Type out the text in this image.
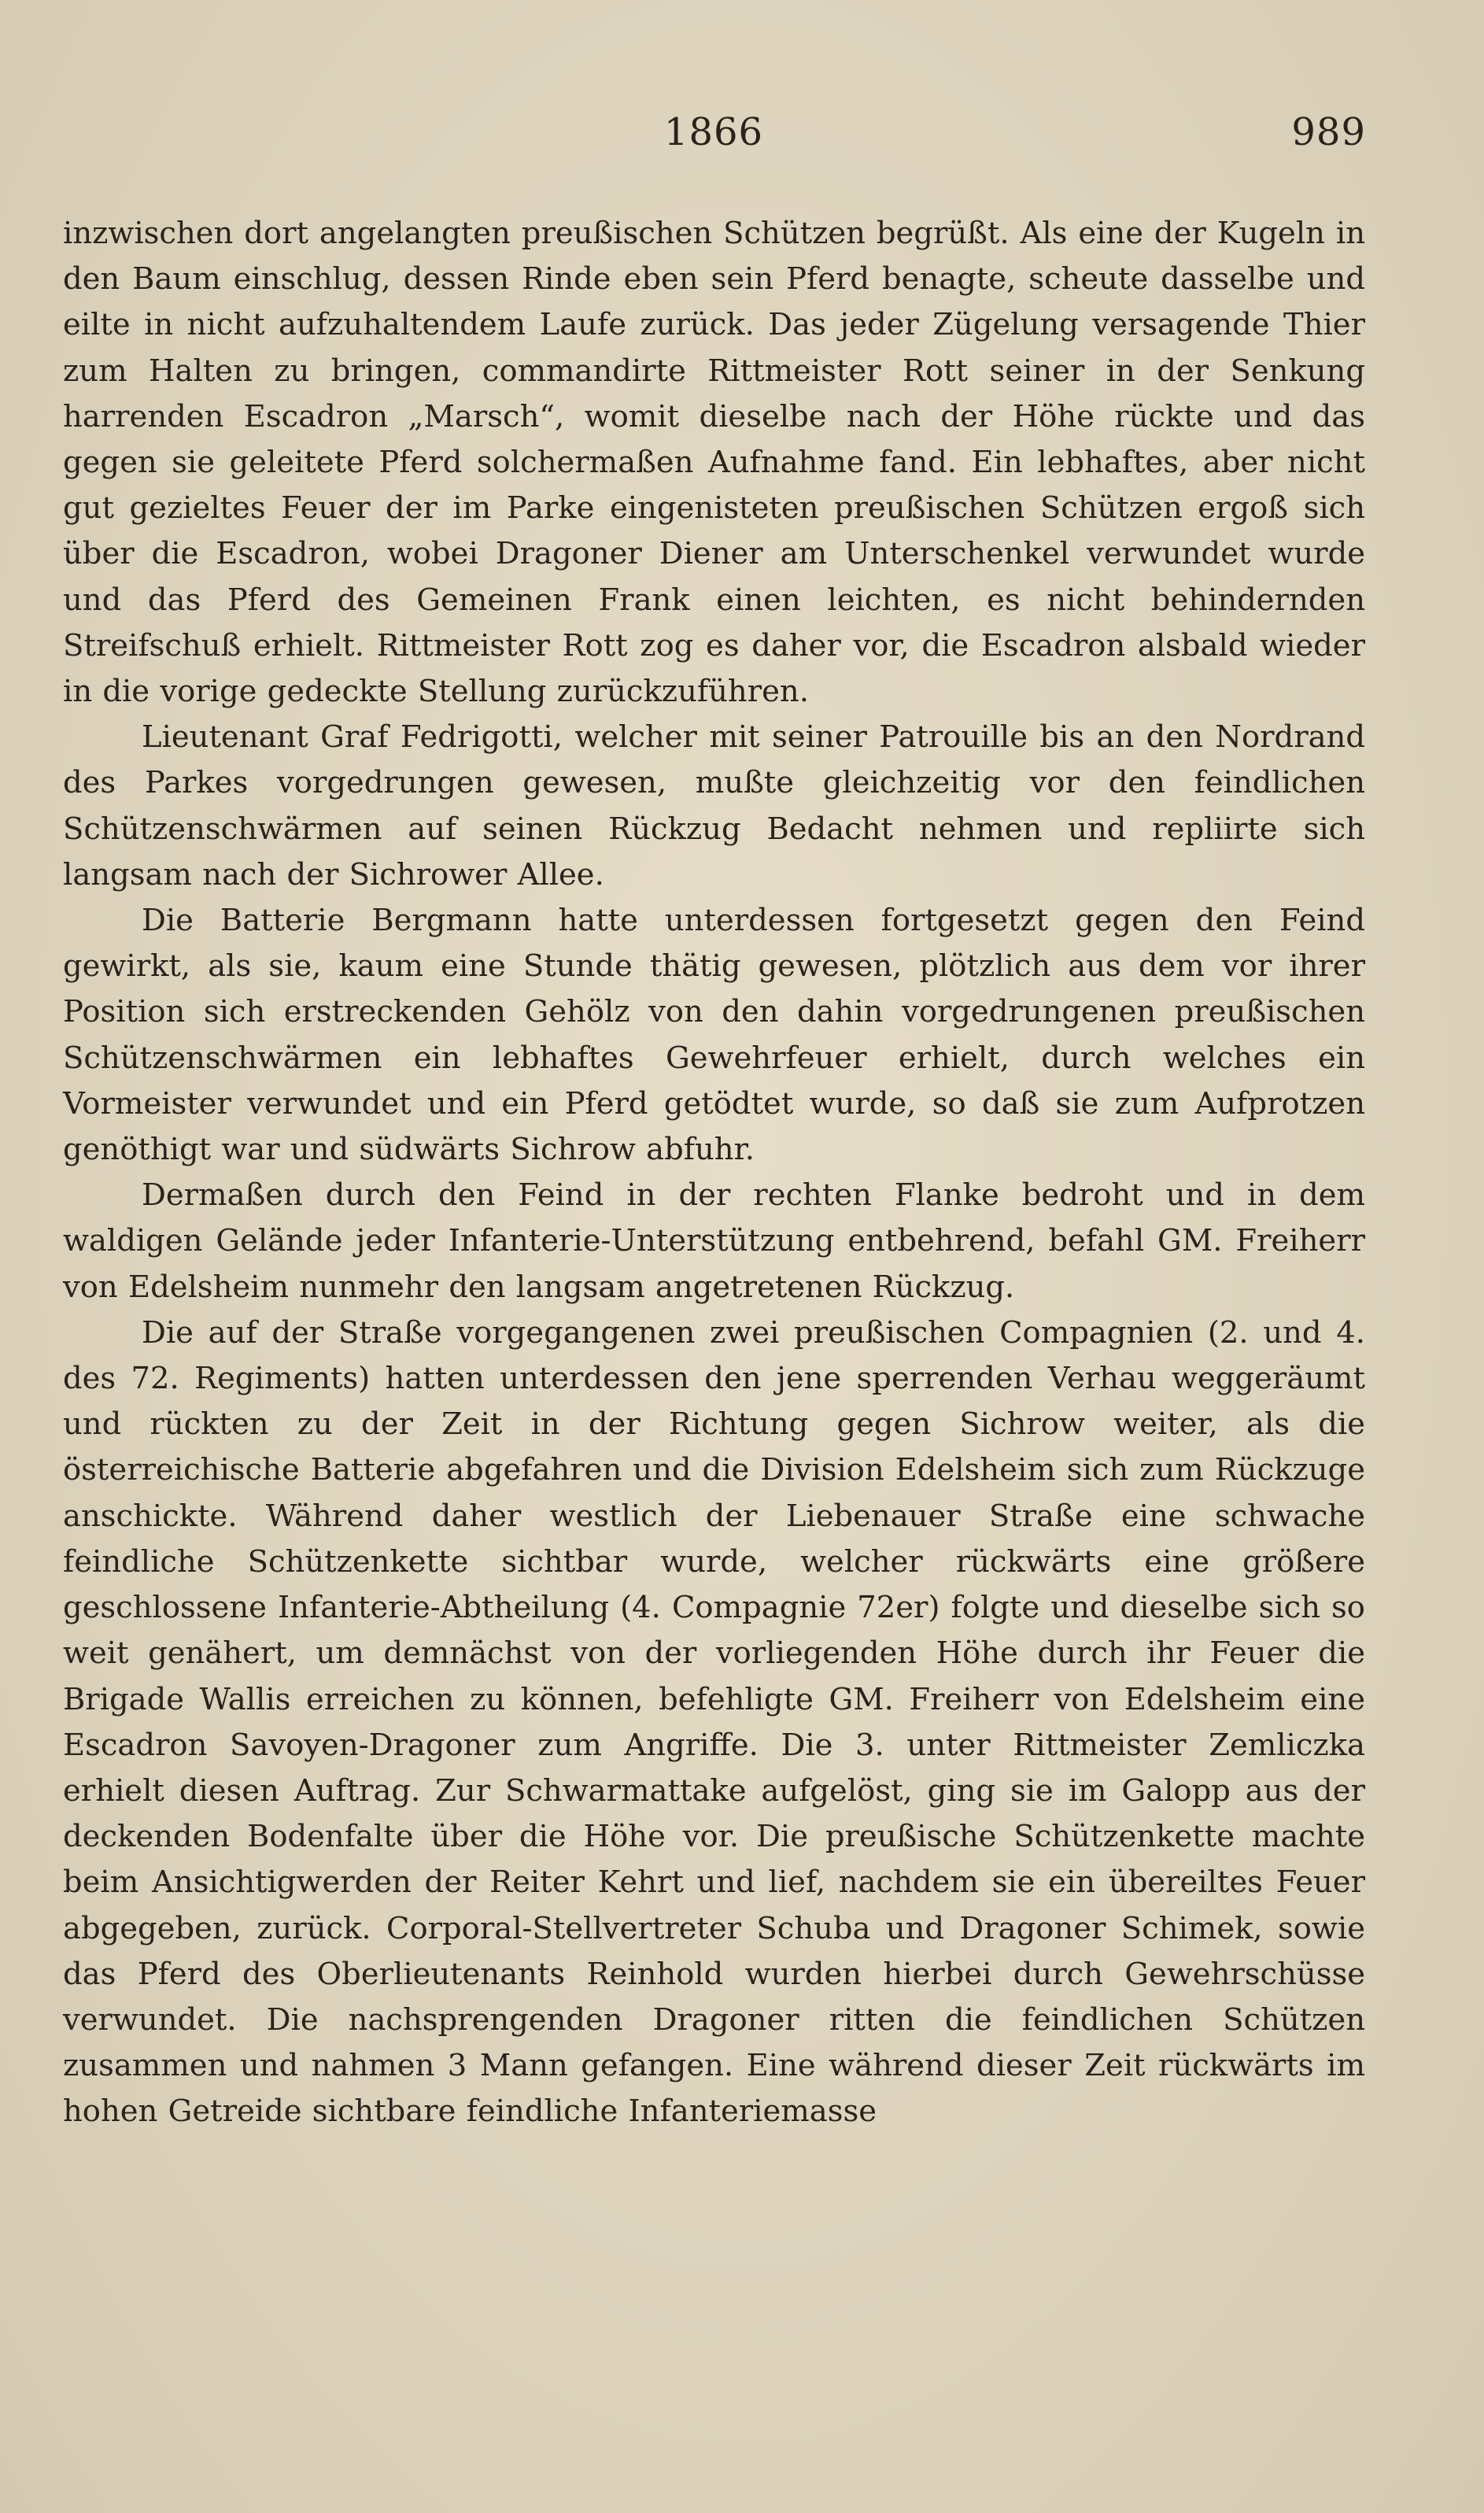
1866	989

inzwischen dort angelangten preußischen Schützen begrüßt. Als eine der Kugeln in den Baum einschlug, dessen Rinde eben sein Pferd benagte, scheute dasselbe und eilte in nicht aufzuhaltendem Laufe zurück. Das jeder Zügelung versagende Thier zum Halten zu bringen, commandirte Rittmeister Rott seiner in der Senkung harrenden Escadron „Marsch“, womit dieselbe nach der Höhe rückte und das gegen sie geleitete Pferd solchermaßen Aufnahme fand. Ein lebhaftes, aber nicht gut gezieltes Feuer der im Parke eingenisteten preußischen Schützen ergoß sich über die Escadron, wobei Dragoner Diener am Unterschenkel verwundet wurde und das Pferd des Gemeinen Frank einen leichten, es nicht behindernden Streifschuß erhielt. Rittmeister Rott zog es daher vor, die Escadron alsbald wieder in die vorige gedeckte Stellung zurückzuführen.

Lieutenant Graf Fedrigotti, welcher mit seiner Patrouille bis an den Nordrand des Parkes vorgedrungen gewesen, mußte gleichzeitig vor den feindlichen Schützenschwärmen auf seinen Rückzug Bedacht nehmen und repliirte sich langsam nach der Sichrower Allee.

Die Batterie Bergmann hatte unterdessen fortgesetzt gegen den Feind gewirkt, als sie, kaum eine Stunde thätig gewesen, plötzlich aus dem vor ihrer Position sich erstreckenden Gehölz von den dahin vorgedrungenen preußischen Schützenschwärmen ein lebhaftes Gewehrfeuer erhielt, durch welches ein Vormeister verwundet und ein Pferd getödtet wurde, so daß sie zum Aufprotzen genöthigt war und südwärts Sichrow abfuhr.

Dermaßen durch den Feind in der rechten Flanke bedroht und in dem waldigen Gelände jeder Infanterie-Unterstützung entbehrend, befahl GM. Freiherr von Edelsheim nunmehr den langsam angetretenen Rückzug.

Die auf der Straße vorgegangenen zwei preußischen Compagnien (2. und 4. des 72. Regiments) hatten unterdessen den jene sperrenden Verhau weggeräumt und rückten zu der Zeit in der Richtung gegen Sichrow weiter, als die österreichische Batterie abgefahren und die Division Edelsheim sich zum Rückzuge anschickte. Während daher westlich der Liebenauer Straße eine schwache feindliche Schützenkette sichtbar wurde, welcher rückwärts eine größere geschlossene Infanterie-Abtheilung (4. Compagnie 72er) folgte und dieselbe sich so weit genähert, um demnächst von der vorliegenden Höhe durch ihr Feuer die Brigade Wallis erreichen zu können, befehligte GM. Freiherr von Edelsheim eine Escadron Savoyen-Dragoner zum Angriffe. Die 3. unter Rittmeister Zemliczka erhielt diesen Auftrag. Zur Schwarmattake aufgelöst, ging sie im Galopp aus der deckenden Bodenfalte über die Höhe vor. Die preußische Schützenkette machte beim Ansichtigwerden der Reiter Kehrt und lief, nachdem sie ein übereiltes Feuer abgegeben, zurück. Corporal-Stellvertreter Schuba und Dragoner Schimek, sowie das Pferd des Oberlieutenants Reinhold wurden hierbei durch Gewehrschüsse verwundet. Die nachsprengenden Dragoner ritten die feindlichen Schützen zusammen und nahmen 3 Mann gefangen. Eine während dieser Zeit rückwärts im hohen Getreide sichtbare feindliche Infanteriemasse
